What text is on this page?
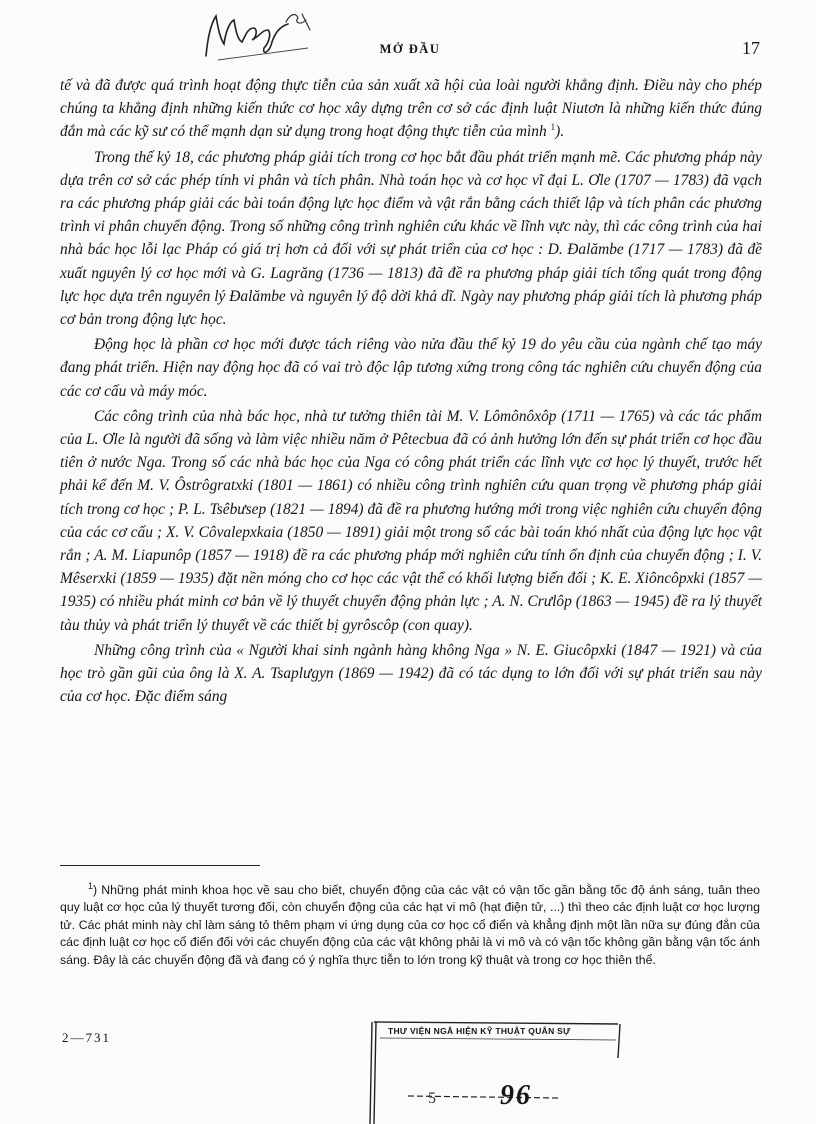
MỞ ĐẦU	17

tế và đã được quá trình hoạt động thực tiễn của sản xuất xã hội của loài người khẳng định. Điều này cho phép chúng ta khẳng định những kiến thức cơ học xây dựng trên cơ sở các định luật Niutơn là những kiến thức đúng đắn mà các kỹ sư có thể mạnh dạn sử dụng trong hoạt động thực tiễn của mình $^1$).

Trong thế kỷ 18, các phương pháp giải tích trong cơ học bắt đầu phát triển mạnh mẽ. Các phương pháp này dựa trên cơ sở các phép tính vi phân và tích phân. Nhà toán học và cơ học vĩ đại L. Ơle (1707 — 1783) đã vạch ra các phương pháp giải các bài toán động lực học điểm và vật rắn bằng cách thiết lập và tích phân các phương trình vi phân chuyển động. Trong số những công trình nghiên cứu khác về lĩnh vực này, thì các công trình của hai nhà bác học lỗi lạc Pháp có giá trị hơn cả đối với sự phát triển của cơ học : D. Đalămbe (1717 — 1783) đã đề xuất nguyên lý cơ học mới và G. Lagrăng (1736 — 1813) đã đề ra phương pháp giải tích tổng quát trong động lực học dựa trên nguyên lý Đalămbe và nguyên lý độ dời khả dĩ. Ngày nay phương pháp giải tích là phương pháp cơ bản trong động lực học.

Động học là phần cơ học mới được tách riêng vào nửa đầu thế kỷ 19 do yêu cầu của ngành chế tạo máy đang phát triển. Hiện nay động học đã có vai trò độc lập tương xứng trong công tác nghiên cứu chuyển động của các cơ cấu và máy móc.

Các công trình của nhà bác học, nhà tư tưởng thiên tài M. V. Lômônôxôp (1711 — 1765) và các tác phẩm của L. Ơle là người đã sống và làm việc nhiều năm ở Pêtecbua đã có ảnh hưởng lớn đến sự phát triển cơ học đầu tiên ở nước Nga. Trong số các nhà bác học của Nga có công phát triển các lĩnh vực cơ học lý thuyết, trước hết phải kể đến M. V. Ôstrôgratxki (1801 — 1861) có nhiều công trình nghiên cứu quan trọng về phương pháp giải tích trong cơ học ; P. L. Tsêbưsep (1821 — 1894) đã đề ra phương hướng mới trong việc nghiên cứu chuyển động của các cơ cấu ; X. V. Côvalepxkaia (1850 — 1891) giải một trong số các bài toán khó nhất của động lực học vật rắn ; A. M. Liapunôp (1857 — 1918) đề ra các phương pháp mới nghiên cứu tính ổn định của chuyển động ; I. V. Mêserxki (1859 — 1935) đặt nền móng cho cơ học các vật thể có khối lượng biến đổi ; K. E. Xiôncôpxki (1857 — 1935) có nhiều phát minh cơ bản về lý thuyết chuyển động phản lực ; A. N. Crưlôp (1863 — 1945) đề ra lý thuyết tàu thủy và phát triển lý thuyết về các thiết bị gyrôscôp (con quay).

Những công trình của « Người khai sinh ngành hàng không Nga » N. E. Giucôpxki (1847 — 1921) và của học trò gần gũi của ông là X. A. Tsaplưgyn (1869 — 1942) đã có tác dụng to lớn đối với sự phát triển sau này của cơ học. Đặc điểm sáng

$^1$) Những phát minh khoa học về sau cho biết, chuyển động của các vật có vận tốc gần bằng tốc độ ánh sáng, tuân theo quy luật cơ học của lý thuyết tương đối, còn chuyển động của các hạt vi mô (hạt điện tử, ...) thì theo các định luật cơ học lượng tử. Các phát minh này chỉ làm sáng tỏ thêm phạm vi ứng dụng của cơ học cổ điển và khẳng định một lần nữa sự đúng đắn của các định luật cơ học cổ điển đối với các chuyển động của các vật không phải là vi mô và có vận tốc không gần bằng vận tốc ánh sáng. Đây là các chuyển động đã và đang có ý nghĩa thực tiễn to lớn trong kỹ thuật và trong cơ học thiên thể.

2—731	THƯ VIỆN NGÂ HIỆN KỸ THUẬT QUÂN SỰ
5 96
